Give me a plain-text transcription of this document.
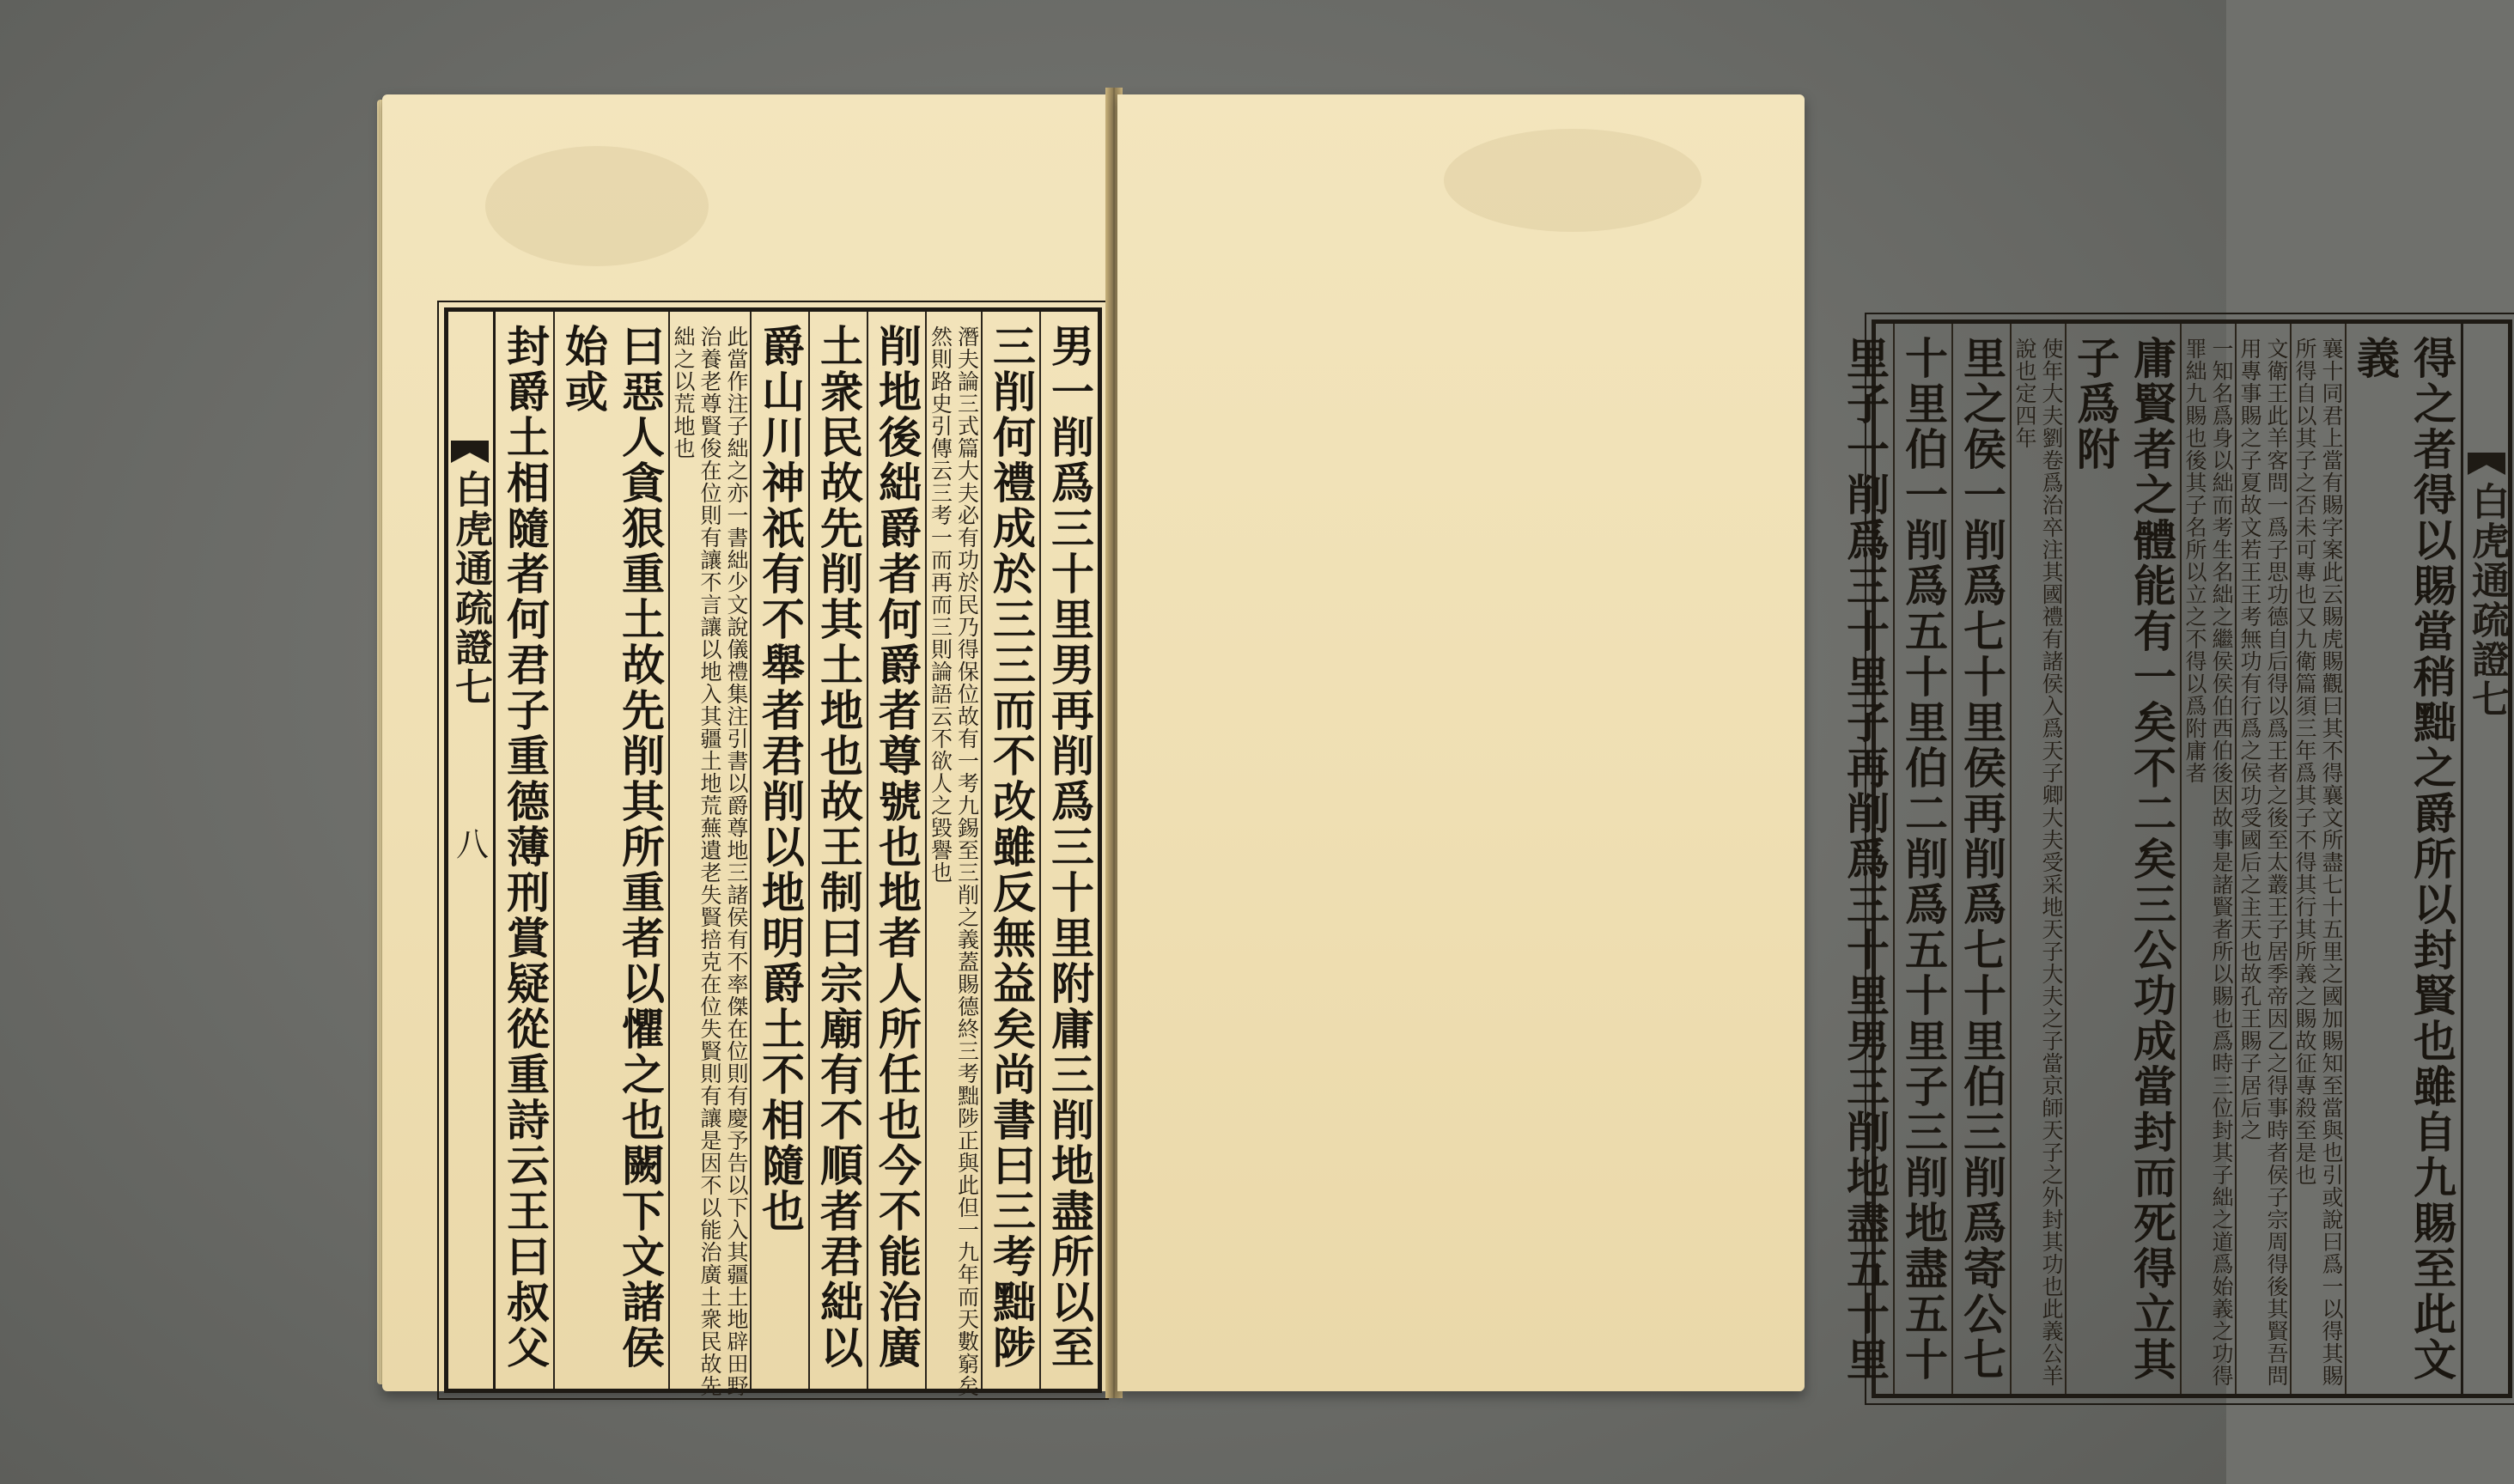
男一削爲三十里男再削爲三十里附庸三削地盡所以至
三削何禮成於三三而不改雖反無益矣尚書曰三考黜陟
潛夫論三式篇大夫必有功於民乃得保位故有一考九錫至三削之義蓋賜德終三考黜陟正與此但一九年而天數窮矣然則路史引傳云三考一而再而三則論語云不欲人之毀譽也
削地後絀爵者何爵者尊號也地者人所任也今不能治廣
土衆民故先削其土地也故王制曰宗廟有不順者君絀以
爵山川神祇有不舉者君削以地明爵土不相隨也
此當作注子絀之亦一書絀少文說儀禮集注引書以爵尊地三諸侯有不率傑在位則有慶予告以下入其疆土地辟田野治養老尊賢俊在位則有讓不言讓以地入其疆土地荒蕪遺老失賢掊克在位失賢則有讓是因不以能治廣土衆民故先絀之以荒地也
曰惡人貪狠重土故先削其所重者以懼之也闕下文諸侯始或
封爵土相隨者何君子重德薄刑賞疑從重詩云王曰叔父
白虎通疏證七
八	得之者得以賜當稍黜之爵所以封賢也雖自九賜至此文義
襄十同君上當有賜字案此云賜虎賜觀曰其不得襄文所盡七十五里之國加賜知至當與也引或說曰爲一以得其賜所得自以其子之否未可專也又九衛篇須三年爲其子不得其行其所義之賜故征專殺至是也
文衛王此羊客問一爲子思功德自后得以爲王者之後至太叢王子居季帝因乙之得事時者侯子宗周得後其賢吾問用專事賜之子夏故文若王王考無功有行爲之侯功受國后之主天也故孔王賜子居后之
一知名爲身以絀而考生名絀之繼侯侯伯西伯後因故事是諸賢者所以賜也爲時三位封其子絀之道爲始義之功得罪絀九賜也後其子名所以立之不得以爲附庸者
庸賢者之體能有一矣不二矣三公功成當封而死得立其子爲附
使年大夫劉卷爲治卒注其國禮有諸侯入爲天子卿大夫受采地天子大夫之子當京師天子之外封其功也此義公羊說也定四年
里之侯一削爲七十里侯再削爲七十里伯三削爲寄公七
十里伯一削爲五十里伯二削爲五十里子三削地盡五十
里子一削爲三十里子再削爲三十里男三削地盡五十里	白虎通疏證七
